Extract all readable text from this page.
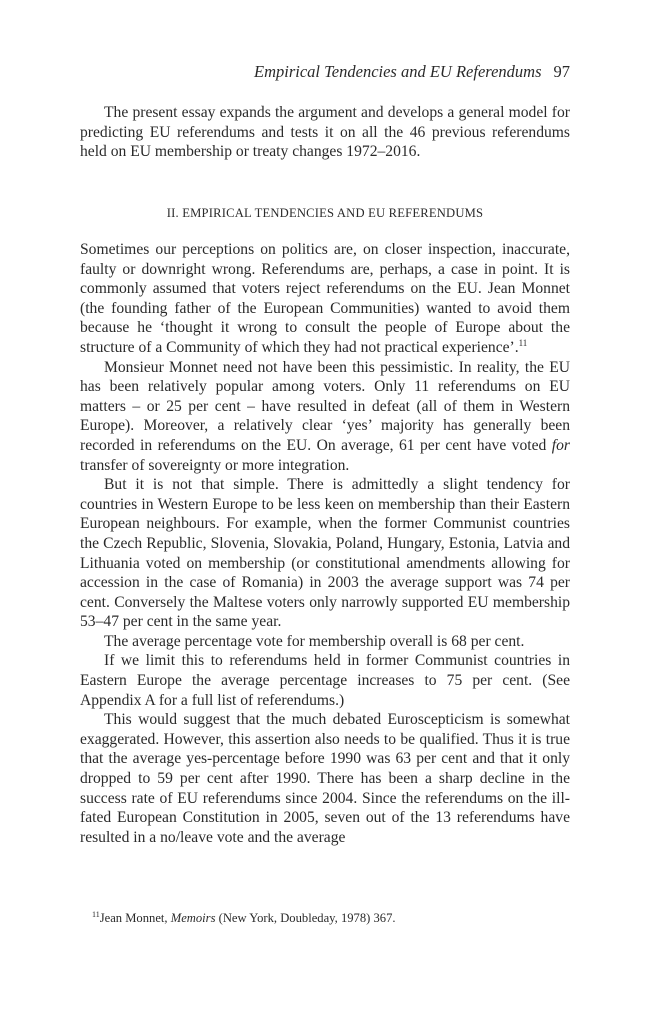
Empirical Tendencies and EU Referendums 97

The present essay expands the argument and develops a general model for predicting EU referendums and tests it on all the 46 previous referendums held on EU membership or treaty changes 1972–2016.

II. EMPIRICAL TENDENCIES AND EU REFERENDUMS

Sometimes our perceptions on politics are, on closer inspection, inaccurate, faulty or downright wrong. Referendums are, perhaps, a case in point. It is commonly assumed that voters reject referendums on the EU. Jean Monnet (the founding father of the European Communities) wanted to avoid them because he ‘thought it wrong to consult the people of Europe about the structure of a Community of which they had not practical experience’.$^{11}$

Monsieur Monnet need not have been this pessimistic. In reality, the EU has been relatively popular among voters. Only 11 referendums on EU matters – or 25 per cent – have resulted in defeat (all of them in Western Europe). Moreover, a relatively clear ‘yes’ majority has generally been recorded in referendums on the EU. On average, 61 per cent have voted for transfer of sovereignty or more integration.

But it is not that simple. There is admittedly a slight tendency for countries in Western Europe to be less keen on membership than their Eastern European neighbours. For example, when the former Communist countries the Czech Republic, Slovenia, Slovakia, Poland, Hungary, Estonia, Latvia and Lithuania voted on membership (or constitutional amendments allowing for accession in the case of Romania) in 2003 the average support was 74 per cent. Conversely the Maltese voters only narrowly supported EU membership 53–47 per cent in the same year.

The average percentage vote for membership overall is 68 per cent.

If we limit this to referendums held in former Communist countries in Eastern Europe the average percentage increases to 75 per cent. (See Appendix A for a full list of referendums.)

This would suggest that the much debated Euroscepticism is somewhat exaggerated. However, this assertion also needs to be qualified. Thus it is true that the average yes-percentage before 1990 was 63 per cent and that it only dropped to 59 per cent after 1990. There has been a sharp decline in the success rate of EU referendums since 2004. Since the referendums on the ill-fated European Constitution in 2005, seven out of the 13 referendums have resulted in a no/leave vote and the average

$^{11}$Jean Monnet, Memoirs (New York, Doubleday, 1978) 367.
